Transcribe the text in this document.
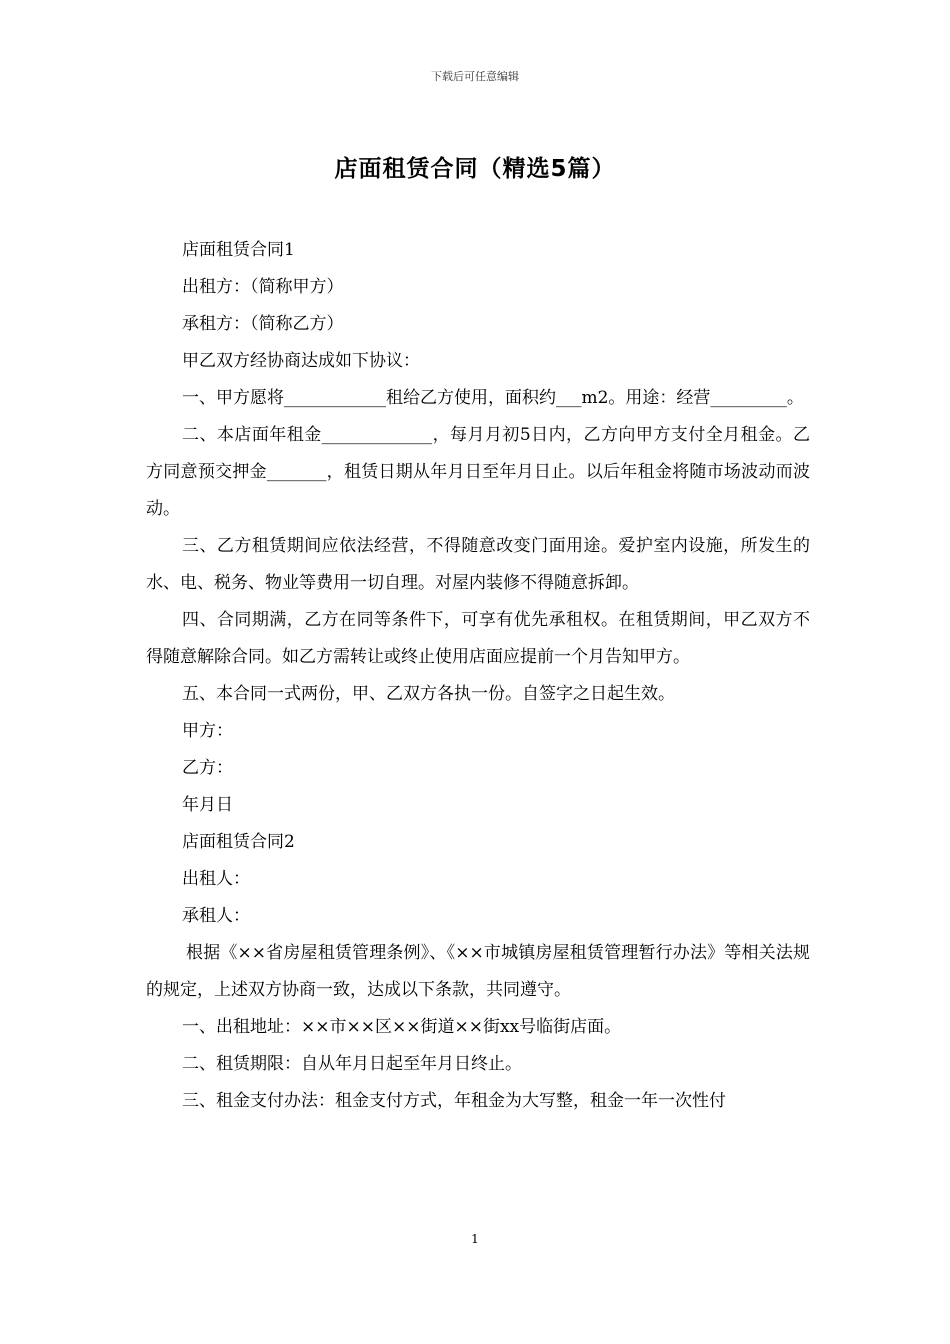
下载后可任意编辑
店面租赁合同（精选5篇）

店面租赁合同1

出租方：（简称甲方）

承租方：（简称乙方）

甲乙双方经协商达成如下协议：

一、甲方愿将____________租给乙方使用，面积约___m2。用途：经营_________。

二、本店面年租金_____________，每月月初5日内，乙方向甲方支付全月租金。乙方同意预交押金_______，租赁日期从年月日至年月日止。以后年租金将随市场波动而波动。

三、乙方租赁期间应依法经营，不得随意改变门面用途。爱护室内设施，所发生的水、电、税务、物业等费用一切自理。对屋内装修不得随意拆卸。

四、合同期满，乙方在同等条件下，可享有优先承租权。在租赁期间，甲乙双方不得随意解除合同。如乙方需转让或终止使用店面应提前一个月告知甲方。

五、本合同一式两份，甲、乙双方各执一份。自签字之日起生效。

甲方：

乙方：

年月日

店面租赁合同2

出租人：

承租人：

根据《××省房屋租赁管理条例》、《××市城镇房屋租赁管理暂行办法》等相关法规的规定，上述双方协商一致，达成以下条款，共同遵守。

一、出租地址：××市××区××街道××街xx号临街店面。

二、租赁期限：自从年月日起至年月日终止。

三、租金支付办法：租金支付方式，年租金为大写整，租金一年一次性付

1
